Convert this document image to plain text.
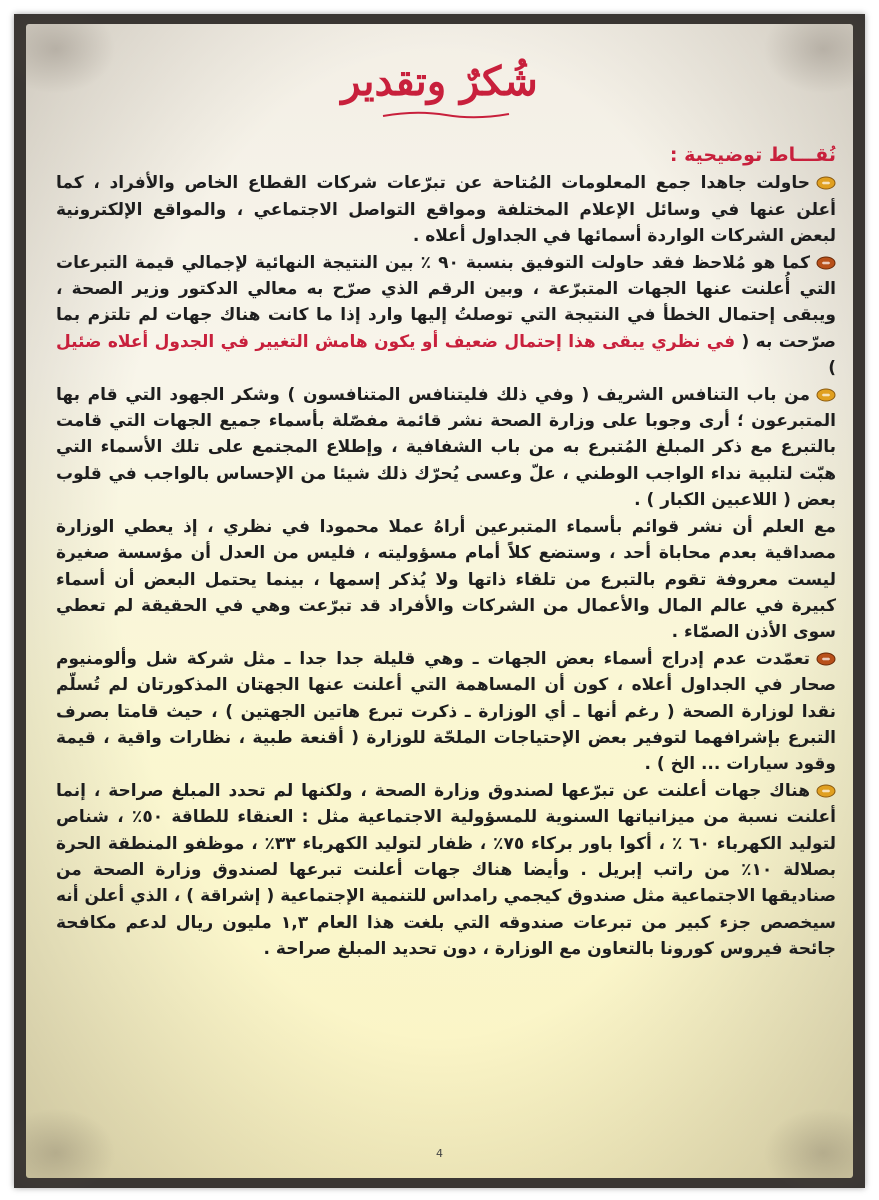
شُكرٌ وتقدير
نُقـــاط توضيحية :

حاولت جاهدا جمع المعلومات المُتاحة عن تبرّعات شركات القطاع الخاص والأفراد ، كما أعلن عنها في وسائل الإعلام المختلفة ومواقع التواصل الاجتماعي ، والمواقع الإلكترونية لبعض الشركات الواردة أسمائها في الجداول أعلاه .

كما هو مُلاحظ فقد حاولت التوفيق بنسبة ٩٠ ٪ بين النتيجة النهائية لإجمالي قيمة التبرعات التي أُعلنت عنها الجهات المتبرّعة ، وبين الرقم الذي صرّح به معالي الدكتور وزير الصحة ، ويبقى إحتمال الخطأ في النتيجة التي توصلتُ إليها وارد إذا ما كانت هناك جهات لم تلتزم بما صرّحت به ( في نظري يبقى هذا إحتمال ضعيف أو يكون هامش التغيير في الجدول أعلاه ضئيل )

من باب التنافس الشريف ( وفي ذلك فليتنافس المتنافسون ) وشكر الجهود التي قام بها المتبرعون ؛ أرى وجوبا على وزارة الصحة نشر قائمة مفصّلة بأسماء جميع الجهات التي قامت بالتبرع مع ذكر المبلغ المُتبرع به من باب الشفافية ، وإطلاع المجتمع على تلك الأسماء التي هبّت لتلبية نداء الواجب الوطني ، علّ وعسى يُحرّك ذلك شيئا من الإحساس بالواجب في قلوب بعض ( اللاعبين الكبار ) .

مع العلم أن نشر قوائم بأسماء المتبرعين أراهُ عملا محمودا في نظري ، إذ يعطي الوزارة مصداقية بعدم محاباة أحد ، وستضع كلاً أمام مسؤوليته ، فليس من العدل أن مؤسسة صغيرة ليست معروفة تقوم بالتبرع من تلقاء ذاتها ولا يُذكر إسمها ، بينما يحتمل البعض أن أسماء كبيرة في عالم المال والأعمال من الشركات والأفراد قد تبرّعت وهي في الحقيقة لم تعطي سوى الأذن الصمّاء .

تعمّدت عدم إدراج أسماء بعض الجهات ـ وهي قليلة جدا جدا ـ مثل شركة شل وألومنيوم صحار في الجداول أعلاه ، كون أن المساهمة التي أعلنت عنها الجهتان المذكورتان لم تُسلّم نقدا لوزارة الصحة ( رغم أنها ـ أي الوزارة ـ ذكرت تبرع هاتين الجهتين ) ، حيث قامتا بصرف التبرع بإشرافهما لتوفير بعض الإحتياجات الملحّة للوزارة ( أقنعة طبية ، نظارات واقية ، قيمة وقود سيارات ... الخ ) .

هناك جهات أعلنت عن تبرّعها لصندوق وزارة الصحة ، ولكنها لم تحدد المبلغ صراحة ، إنما أعلنت نسبة من ميزانياتها السنوية للمسؤولية الاجتماعية مثل : العنقاء للطاقة ٥٠٪ ، شناص لتوليد الكهرباء ٦٠ ٪ ، أكوا باور بركاء ٧٥٪ ، ظفار لتوليد الكهرباء ٣٣٪ ، موظفو المنطقة الحرة بصلالة ١٠٪ من راتب إبريل . وأيضا هناك جهات أعلنت تبرعها لصندوق وزارة الصحة من صناديقها الاجتماعية مثل صندوق كيجمي رامداس للتنمية الإجتماعية ( إشراقة ) ، الذي أعلن أنه سيخصص جزء كبير من تبرعات صندوقه التي بلغت هذا العام ١,٣ مليون ريال لدعم مكافحة جائحة فيروس كورونا بالتعاون مع الوزارة ، دون تحديد المبلغ صراحة .

4
